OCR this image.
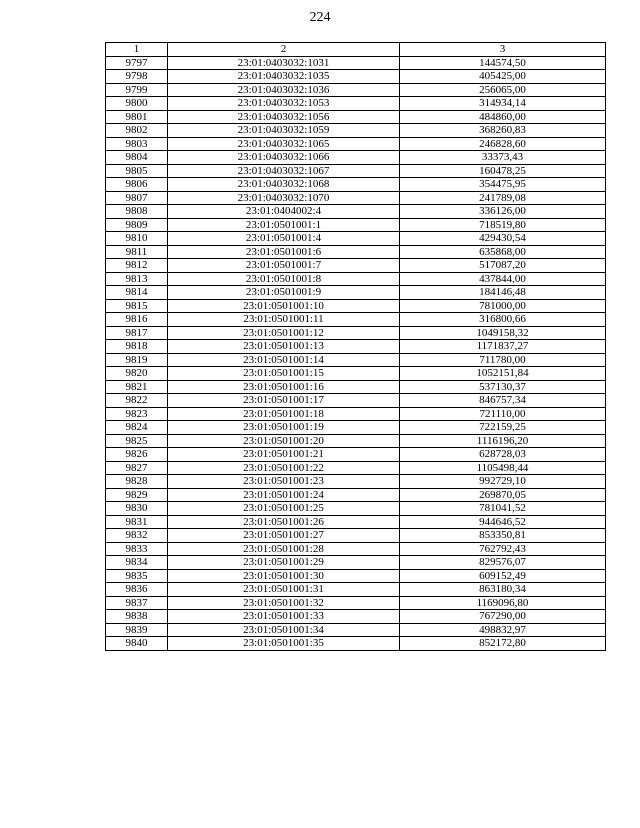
224
1	2	3
9797	23:01:0403032:1031	144574,50
9798	23:01:0403032:1035	405425,00
9799	23:01:0403032:1036	256065,00
9800	23:01:0403032:1053	314934,14
9801	23:01:0403032:1056	484860,00
9802	23:01:0403032:1059	368260,83
9803	23:01:0403032:1065	246828,60
9804	23:01:0403032:1066	33373,43
9805	23:01:0403032:1067	160478,25
9806	23:01:0403032:1068	354475,95
9807	23:01:0403032:1070	241789,08
9808	23:01:0404002:4	336126,00
9809	23:01:0501001:1	718519,80
9810	23:01:0501001:4	429430,54
9811	23:01:0501001:6	635868,00
9812	23:01:0501001:7	517087,20
9813	23:01:0501001:8	437844,00
9814	23:01:0501001:9	184146,48
9815	23:01:0501001:10	781000,00
9816	23:01:0501001:11	316800,66
9817	23:01:0501001:12	1049158,32
9818	23:01:0501001:13	1171837,27
9819	23:01:0501001:14	711780,00
9820	23:01:0501001:15	1052151,84
9821	23:01:0501001:16	537130,37
9822	23:01:0501001:17	846757,34
9823	23:01:0501001:18	721110,00
9824	23:01:0501001:19	722159,25
9825	23:01:0501001:20	1116196,20
9826	23:01:0501001:21	628728,03
9827	23:01:0501001:22	1105498,44
9828	23:01:0501001:23	992729,10
9829	23:01:0501001:24	269870,05
9830	23:01:0501001:25	781041,52
9831	23:01:0501001:26	944646,52
9832	23:01:0501001:27	853350,81
9833	23:01:0501001:28	762792,43
9834	23:01:0501001:29	829576,07
9835	23:01:0501001:30	609152,49
9836	23:01:0501001:31	863180,34
9837	23:01:0501001:32	1169096,80
9838	23:01:0501001:33	767290,00
9839	23:01:0501001:34	498832,97
9840	23:01:0501001:35	852172,80
